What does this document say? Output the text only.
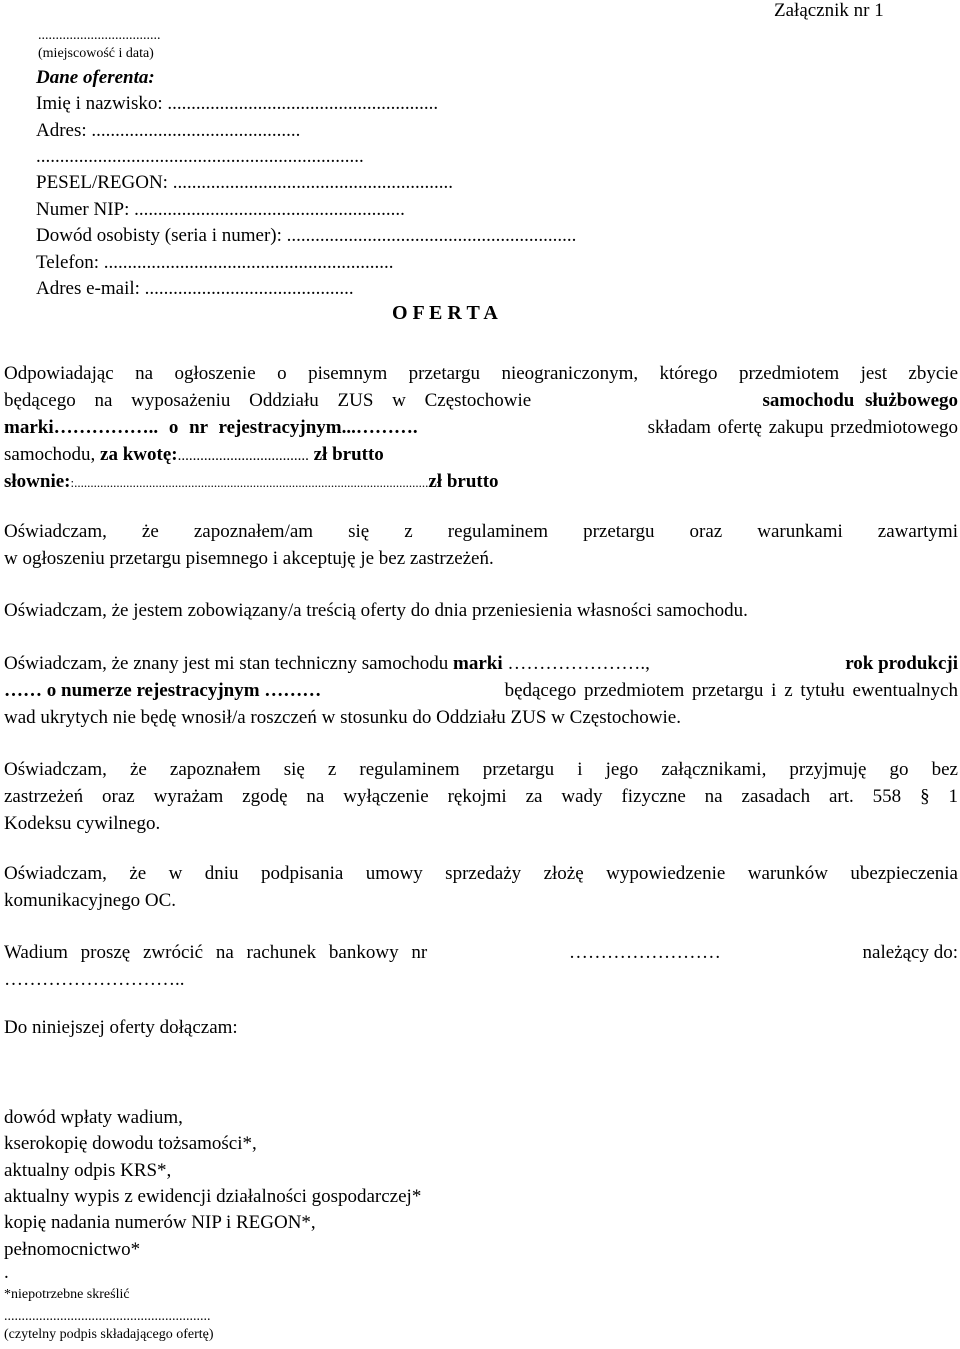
Załącznik nr 1
...................................
(miejscowość i data)
Dane oferenta:
Imię i nazwisko: .........................................................
Adres: ............................................
.....................................................................
PESEL/REGON: ...........................................................
Numer NIP: .........................................................
Dowód osobisty (seria i numer): .............................................................
Telefon: .............................................................
Adres e-mail: ............................................
O F E R T A
Odpowiadając na ogłoszenie o pisemnym przetargu nieograniczonym, którego przedmiotem jest zbycie
będącego na wyposażeniu Oddziału ZUS w Częstochowie	samochodu służbowego
marki…………….. o nr rejestracyjnym...……….	składam ofertę zakupu przedmiotowego
samochodu, za kwotę:................................... zł brutto
słownie::.............................................................................................................zł brutto
Oświadczam, że zapoznałem/am się z regulaminem przetargu oraz warunkami zawartymi
w ogłoszeniu przetargu pisemnego i akceptuję je bez zastrzeżeń.
Oświadczam, że jestem zobowiązany/a treścią oferty do dnia przeniesienia własności samochodu.
Oświadczam, że znany jest mi stan techniczny samochodu marki ………………….,	rok produkcji
…… o numerze rejestracyjnym ………	będącego przedmiotem przetargu i z tytułu ewentualnych
wad ukrytych nie będę wnosił/a roszczeń w stosunku do Oddziału ZUS w Częstochowie.
Oświadczam, że zapoznałem się z regulaminem przetargu i jego załącznikami, przyjmuję go bez
zastrzeżeń oraz wyrażam zgodę na wyłączenie rękojmi za wady fizyczne na zasadach art. 558 § 1
Kodeksu cywilnego.
Oświadczam, że w dniu podpisania umowy sprzedaży złożę wypowiedzenie warunków ubezpieczenia
komunikacyjnego OC.
Wadium proszę zwrócić na rachunek bankowy nr	……………………	należący do:
………………………..
Do niniejszej oferty dołączam:
dowód wpłaty wadium,
kserokopię dowodu tożsamości*,
aktualny odpis KRS*,
aktualny wypis z ewidencji działalności gospodarczej*
kopię nadania numerów NIP i REGON*,
pełnomocnictwo*
.
*niepotrzebne skreślić
...........................................................
(czytelny podpis składającego ofertę)
